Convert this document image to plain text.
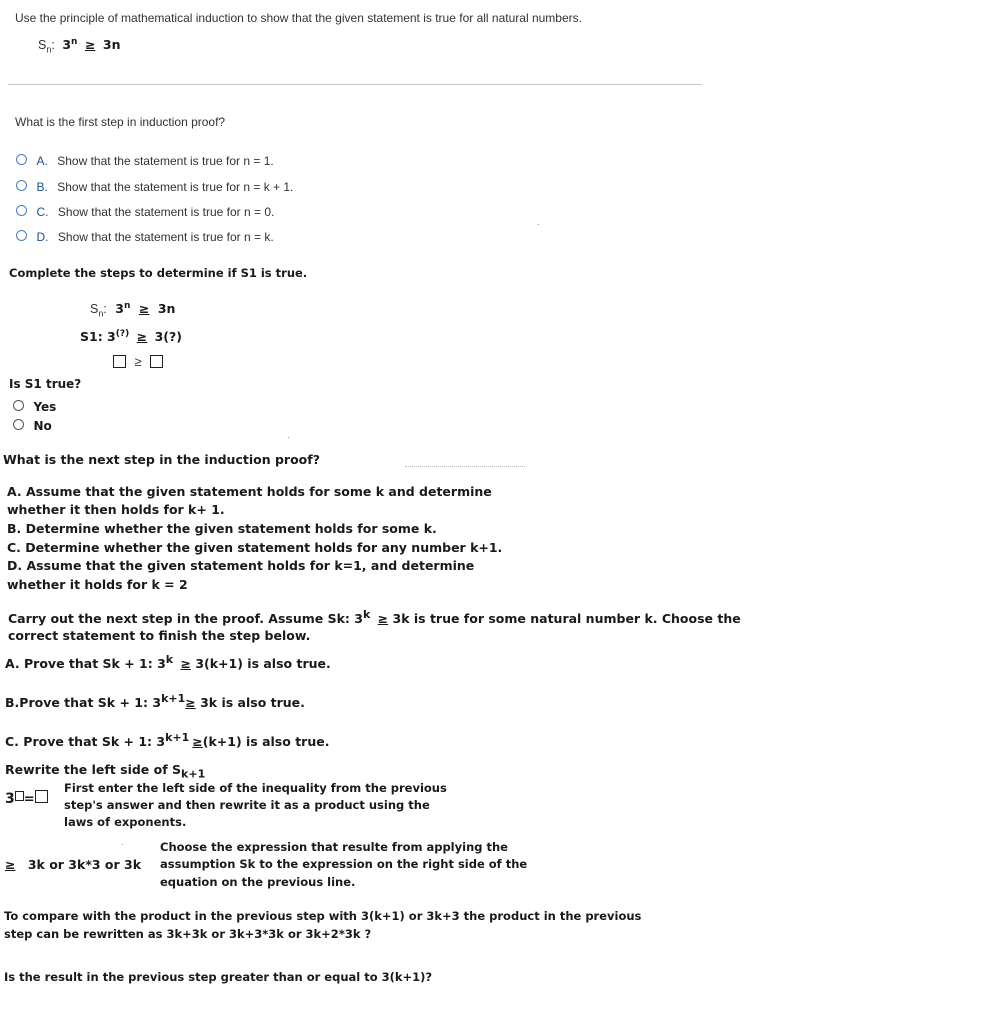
Use the principle of mathematical induction to show that the given statement is true for all natural numbers.
$S_n$: $3^n \ge 3n$
What is the first step in induction proof?
A. Show that the statement is true for n = 1.
B. Show that the statement is true for n = k + 1.
C. Show that the statement is true for n = 0.
D. Show that the statement is true for n = k.
Complete the steps to determine if S1 is true.
$S_n$: $3^n \ge 3n$
S1: 3(?) ≥ 3(?)
≥
Is S1 true?
Yes
No
What is the next step in the induction proof?
A. Assume that the given statement holds for some k and determine
whether it then holds for k+ 1.
B. Determine whether the given statement holds for some k.
C. Determine whether the given statement holds for any number k+1.
D. Assume that the given statement holds for k=1, and determine
whether it holds for k = 2
Carry out the next step in the proof. Assume Sk: $3^k \ge 3k$ is true for some natural number k. Choose the
correct statement to finish the step below.
A. Prove that Sk + 1: $3^k \ge 3(k+1)$ is also true.
B.Prove that Sk + 1: $3^{k+1}\ge 3k$ is also true.
C. Prove that Sk + 1: $3^{k+1} \ge(k+1)$ is also true.
Rewrite the left side of $S_{k+1}$
3 =
First enter the left side of the inequality from the previous
step's answer and then rewrite it as a product using the
laws of exponents.
Choose the expression that resulte from applying the
≥ 3k or 3k*3 or 3k assumption Sk to the expression on the right side of the
equation on the previous line.
To compare with the product in the previous step with 3(k+1) or 3k+3 the product in the previous
step can be rewritten as 3k+3k or 3k+3*3k or 3k+2*3k ?
Is the result in the previous step greater than or equal to 3(k+1)?
